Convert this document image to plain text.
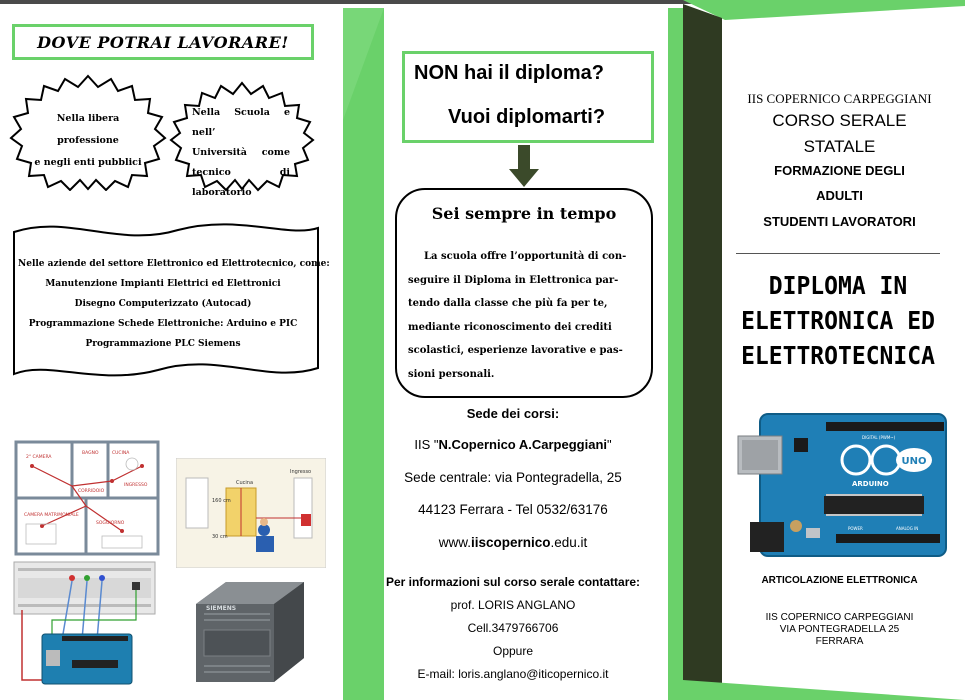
DOVE POTRAI LAVORARE!
Nella libera professione
e negli enti pubblici
Nella Scuola e nell’
Università come
tecnico di laboratorio
Nelle aziende del settore Elettronico ed Elettrotecnico, come:
Manutenzione Impianti Elettrici ed Elettronici
Disegno Computerizzato (Autocad)
Programmazione Schede Elettroniche: Arduino e PIC
Programmazione PLC Siemens
2° CAMERA
BAGNO	CUCINA
CORRIDOIO
INGRESSO
CAMERA MATRIMONIALE
SOGGIORNO
Cucina
Ingresso
160 cm
30 cm
SIEMENS
NON hai il diploma?
Vuoi diplomarti?
Sei sempre in tempo
La scuola offre l’opportunità di con-
seguire il Diploma in Elettronica par-
tendo dalla classe che più fa per te,
mediante riconoscimento dei crediti
scolastici, esperienze lavorative e pas-
sioni personali.
Sede dei corsi:
IIS "N.Copernico A.Carpeggiani"
Sede centrale: via Pontegradella, 25
44123 Ferrara - Tel 0532/63176
www.iiscopernico.edu.it
Per informazioni sul corso serale contattare:
prof. LORIS ANGLANO
Cell.3479766706
Oppure
E-mail: loris.anglano@iticopernico.it
IIS COPERNICO CARPEGGIANI
CORSO SERALE
STATALE
FORMAZIONE DEGLI
ADULTI
STUDENTI LAVORATORI
DIPLOMA IN
ELETTRONICA ED
ELETTROTECNICA
UNO
ARDUINO
DIGITAL (PWM~)
POWER	ANALOG IN
ARTICOLAZIONE ELETTRONICA
IIS COPERNICO CARPEGGIANI
VIA PONTEGRADELLA 25
FERRARA
